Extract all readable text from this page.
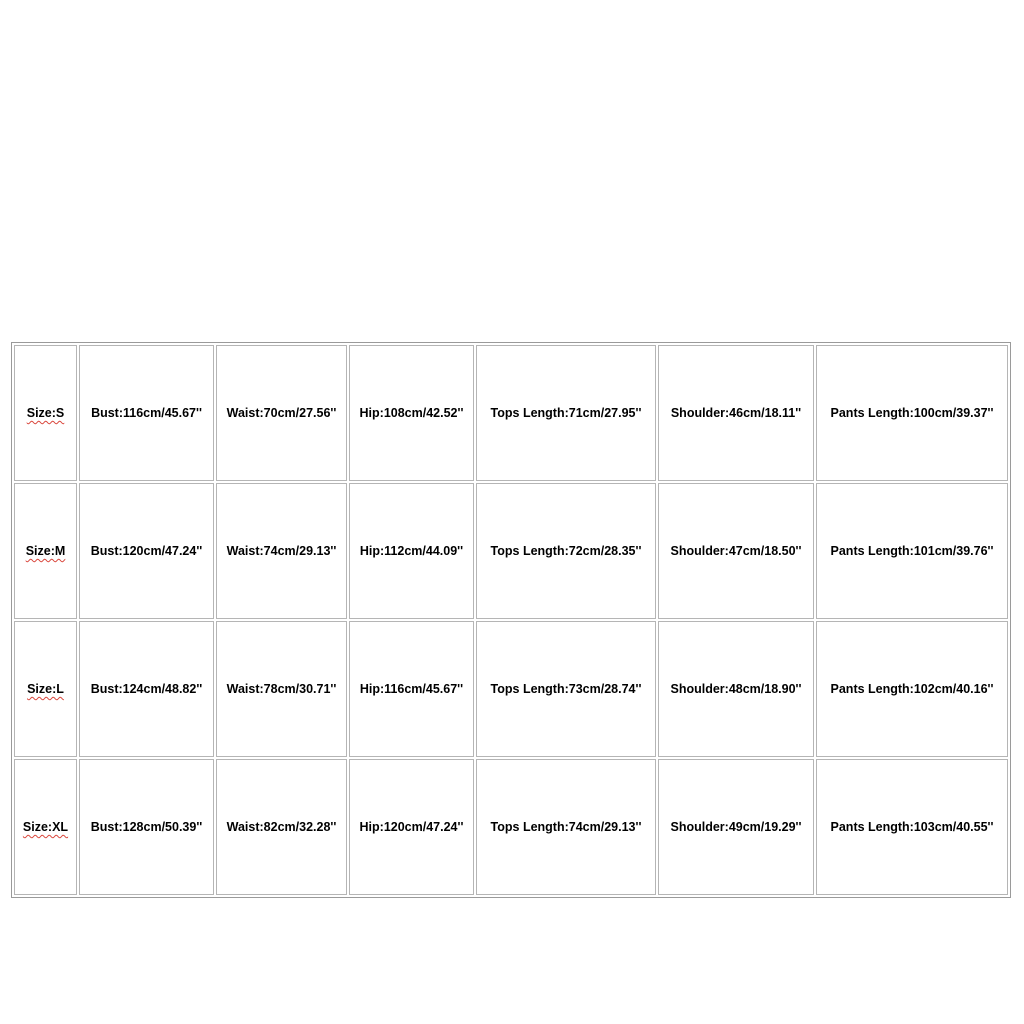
Size:S	Bust:116cm/45.67''	Waist:70cm/27.56''	Hip:108cm/42.52''	Tops Length:71cm/27.95''	Shoulder:46cm/18.11''	Pants Length:100cm/39.37''
Size:M	Bust:120cm/47.24''	Waist:74cm/29.13''	Hip:112cm/44.09''	Tops Length:72cm/28.35''	Shoulder:47cm/18.50''	Pants Length:101cm/39.76''
Size:L	Bust:124cm/48.82''	Waist:78cm/30.71''	Hip:116cm/45.67''	Tops Length:73cm/28.74''	Shoulder:48cm/18.90''	Pants Length:102cm/40.16''
Size:XL	Bust:128cm/50.39''	Waist:82cm/32.28''	Hip:120cm/47.24''	Tops Length:74cm/29.13''	Shoulder:49cm/19.29''	Pants Length:103cm/40.55''
